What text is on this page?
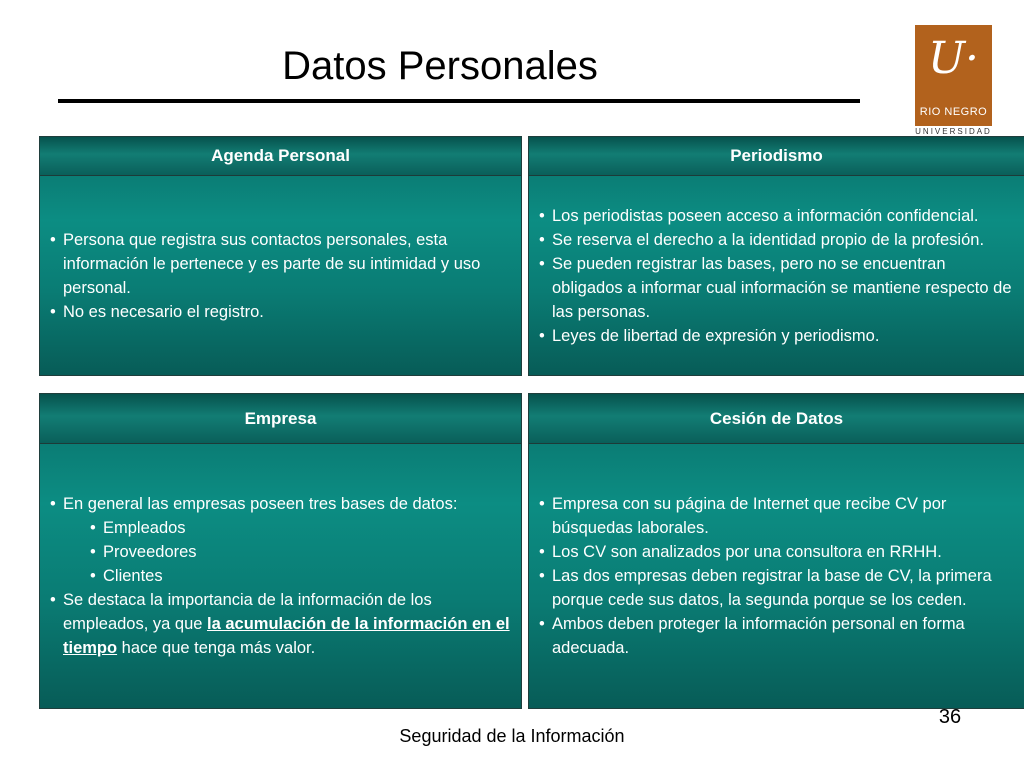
Datos Personales	U·
RIO NEGRO
UNIVERSIDAD
Agenda Personal
• Persona que registra sus contactos personales, esta información le pertenece y es parte de su intimidad y uso personal.
• No es necesario el registro.
Periodismo
• Los periodistas poseen acceso a información confidencial.
• Se reserva el derecho a la identidad propio de la profesión.
• Se pueden registrar las bases, pero no se encuentran obligados a informar cual información se mantiene respecto de las personas.
• Leyes de libertad de expresión y periodismo.
Empresa
• En general las empresas poseen tres bases de datos:
• Empleados
• Proveedores
• Clientes
• Se destaca la importancia de la información de los empleados, ya que la acumulación de la información en el tiempo hace que tenga más valor.
Cesión de Datos
• Empresa con su página de Internet que recibe CV por búsquedas laborales.
• Los CV son analizados por una consultora en RRHH.
• Las dos empresas deben registrar la base de CV, la primera porque cede sus datos, la segunda porque se los ceden.
• Ambos deben proteger la información personal en forma adecuada.
36
Seguridad de la Información
